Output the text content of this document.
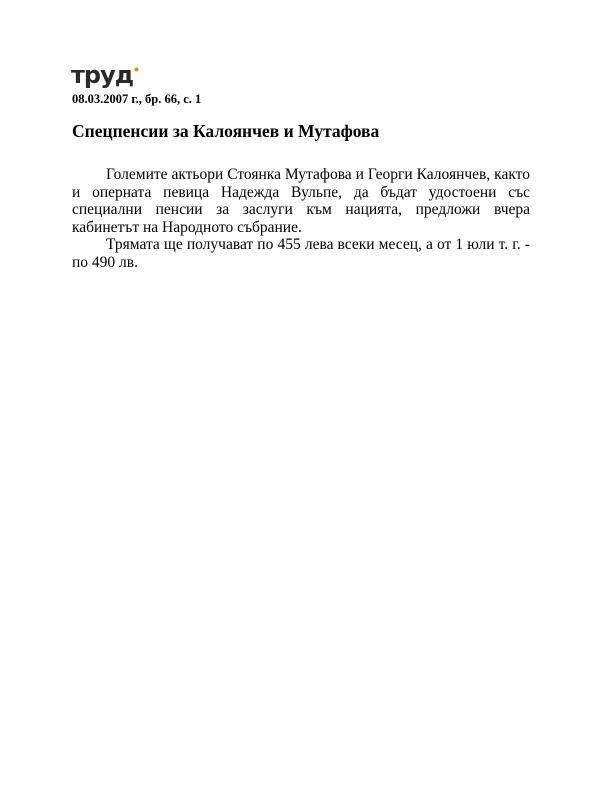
труд
08.03.2007 г., бр. 66, с. 1
Спецпенсии за Калоянчев и Мутафова

Големите актьори Стоянка Мутафова и Георги Калоянчев, както и оперната певица Надежда Вульпе, да бъдат удостоени със специални пенсии за заслуги към нацията, предложи вчера кабинетът на Народното събрание.

Трямата ще получават по 455 лева всеки месец, а от 1 юли т. г. - по 490 лв.
